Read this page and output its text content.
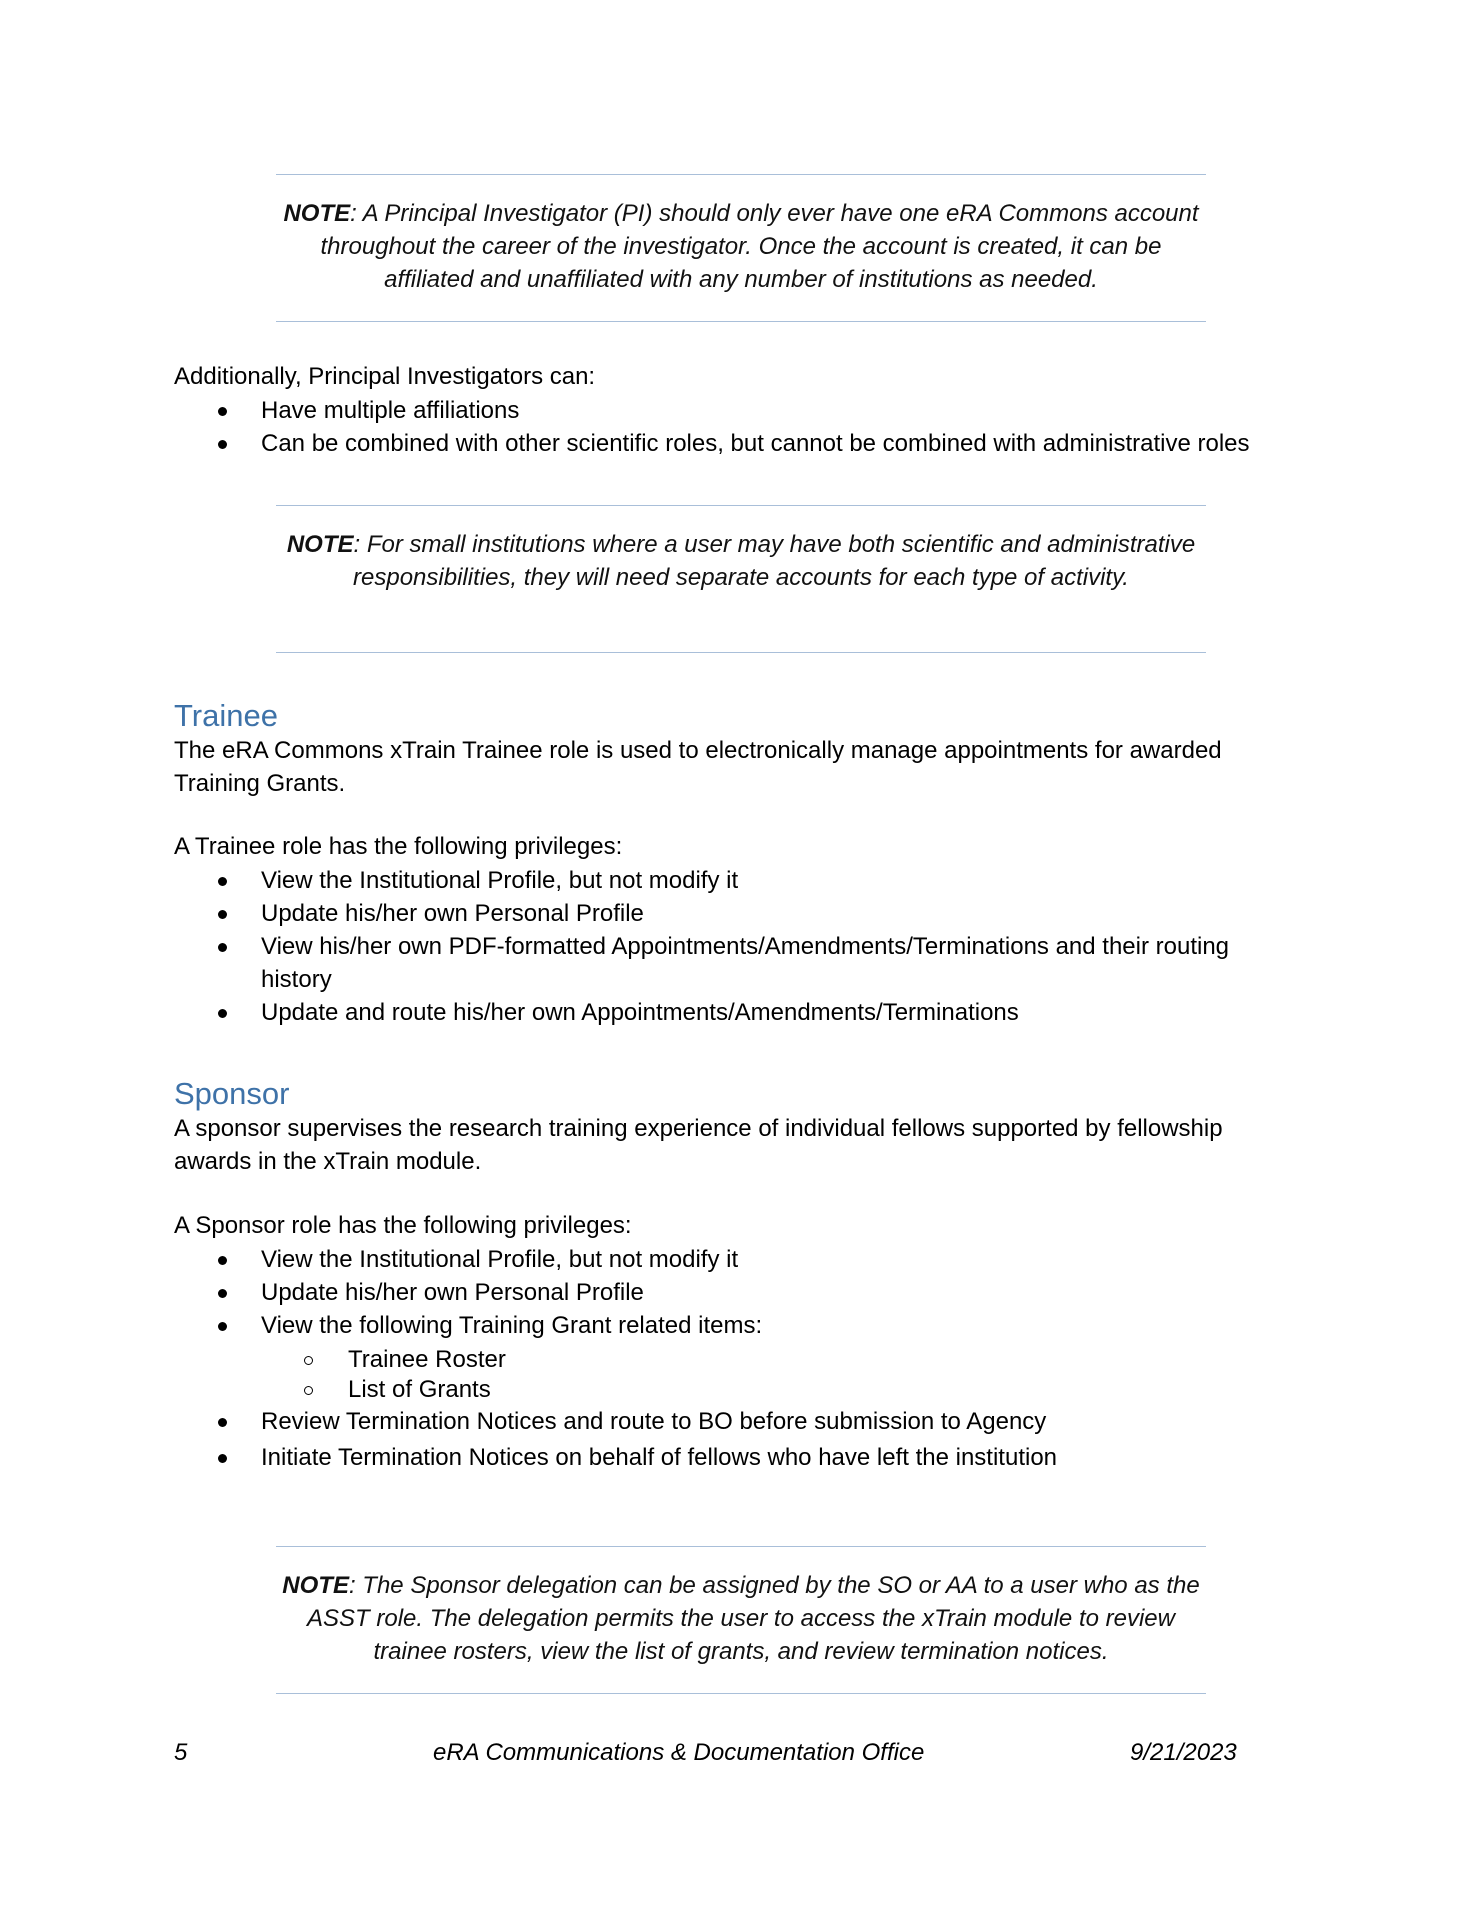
NOTE: A Principal Investigator (PI) should only ever have one eRA Commons account throughout the career of the investigator. Once the account is created, it can be affiliated and unaffiliated with any number of institutions as needed.
Additionally, Principal Investigators can:
Have multiple affiliations
Can be combined with other scientific roles, but cannot be combined with administrative roles
NOTE: For small institutions where a user may have both scientific and administrative responsibilities, they will need separate accounts for each type of activity.
Trainee
The eRA Commons xTrain Trainee role is used to electronically manage appointments for awarded Training Grants.
A Trainee role has the following privileges:
View the Institutional Profile, but not modify it
Update his/her own Personal Profile
View his/her own PDF-formatted Appointments/Amendments/Terminations and their routing history
Update and route his/her own Appointments/Amendments/Terminations
Sponsor
A sponsor supervises the research training experience of individual fellows supported by fellowship awards in the xTrain module.
A Sponsor role has the following privileges:
View the Institutional Profile, but not modify it
Update his/her own Personal Profile
View the following Training Grant related items:
Trainee Roster
List of Grants
Review Termination Notices and route to BO before submission to Agency
Initiate Termination Notices on behalf of fellows who have left the institution
NOTE: The Sponsor delegation can be assigned by the SO or AA to a user who as the ASST role. The delegation permits the user to access the xTrain module to review trainee rosters, view the list of grants, and review termination notices.
5	eRA Communications & Documentation Office	9/21/2023
